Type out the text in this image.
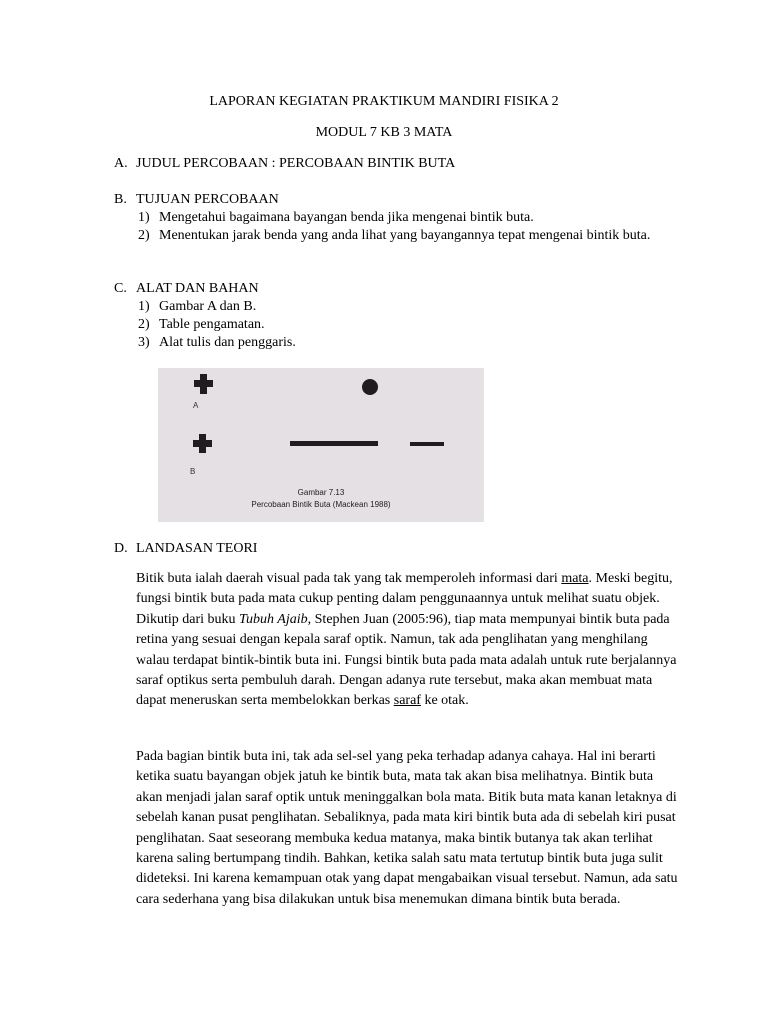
LAPORAN KEGIATAN PRAKTIKUM MANDIRI FISIKA 2
MODUL 7 KB 3 MATA
A. JUDUL PERCOBAAN : PERCOBAAN BINTIK BUTA
B. TUJUAN PERCOBAAN
1) Mengetahui bagaimana bayangan benda jika mengenai bintik buta.
2) Menentukan jarak benda yang anda lihat yang bayangannya tepat mengenai bintik buta.
C. ALAT DAN BAHAN
1) Gambar A dan B.
2) Table pengamatan.
3) Alat tulis dan penggaris.
A
B
Gambar 7.13
Percobaan Bintik Buta (Mackean 1988)
D. LANDASAN TEORI

Bitik buta ialah daerah visual pada tak yang tak memperoleh informasi dari mata. Meski begitu, fungsi bintik buta pada mata cukup penting dalam penggunaannya untuk melihat suatu objek. Dikutip dari buku Tubuh Ajaib, Stephen Juan (2005:96), tiap mata mempunyai bintik buta pada retina yang sesuai dengan kepala saraf optik. Namun, tak ada penglihatan yang menghilang walau terdapat bintik-bintik buta ini. Fungsi bintik buta pada mata adalah untuk rute berjalannya saraf optikus serta pembuluh darah. Dengan adanya rute tersebut, maka akan membuat mata dapat meneruskan serta membelokkan berkas saraf ke otak.

Pada bagian bintik buta ini, tak ada sel-sel yang peka terhadap adanya cahaya. Hal ini berarti ketika suatu bayangan objek jatuh ke bintik buta, mata tak akan bisa melihatnya. Bintik buta akan menjadi jalan saraf optik untuk meninggalkan bola mata. Bitik buta mata kanan letaknya di sebelah kanan pusat penglihatan. Sebaliknya, pada mata kiri bintik buta ada di sebelah kiri pusat penglihatan. Saat seseorang membuka kedua matanya, maka bintik butanya tak akan terlihat karena saling bertumpang tindih. Bahkan, ketika salah satu mata tertutup bintik buta juga sulit dideteksi. Ini karena kemampuan otak yang dapat mengabaikan visual tersebut. Namun, ada satu cara sederhana yang bisa dilakukan untuk bisa menemukan dimana bintik buta berada.
